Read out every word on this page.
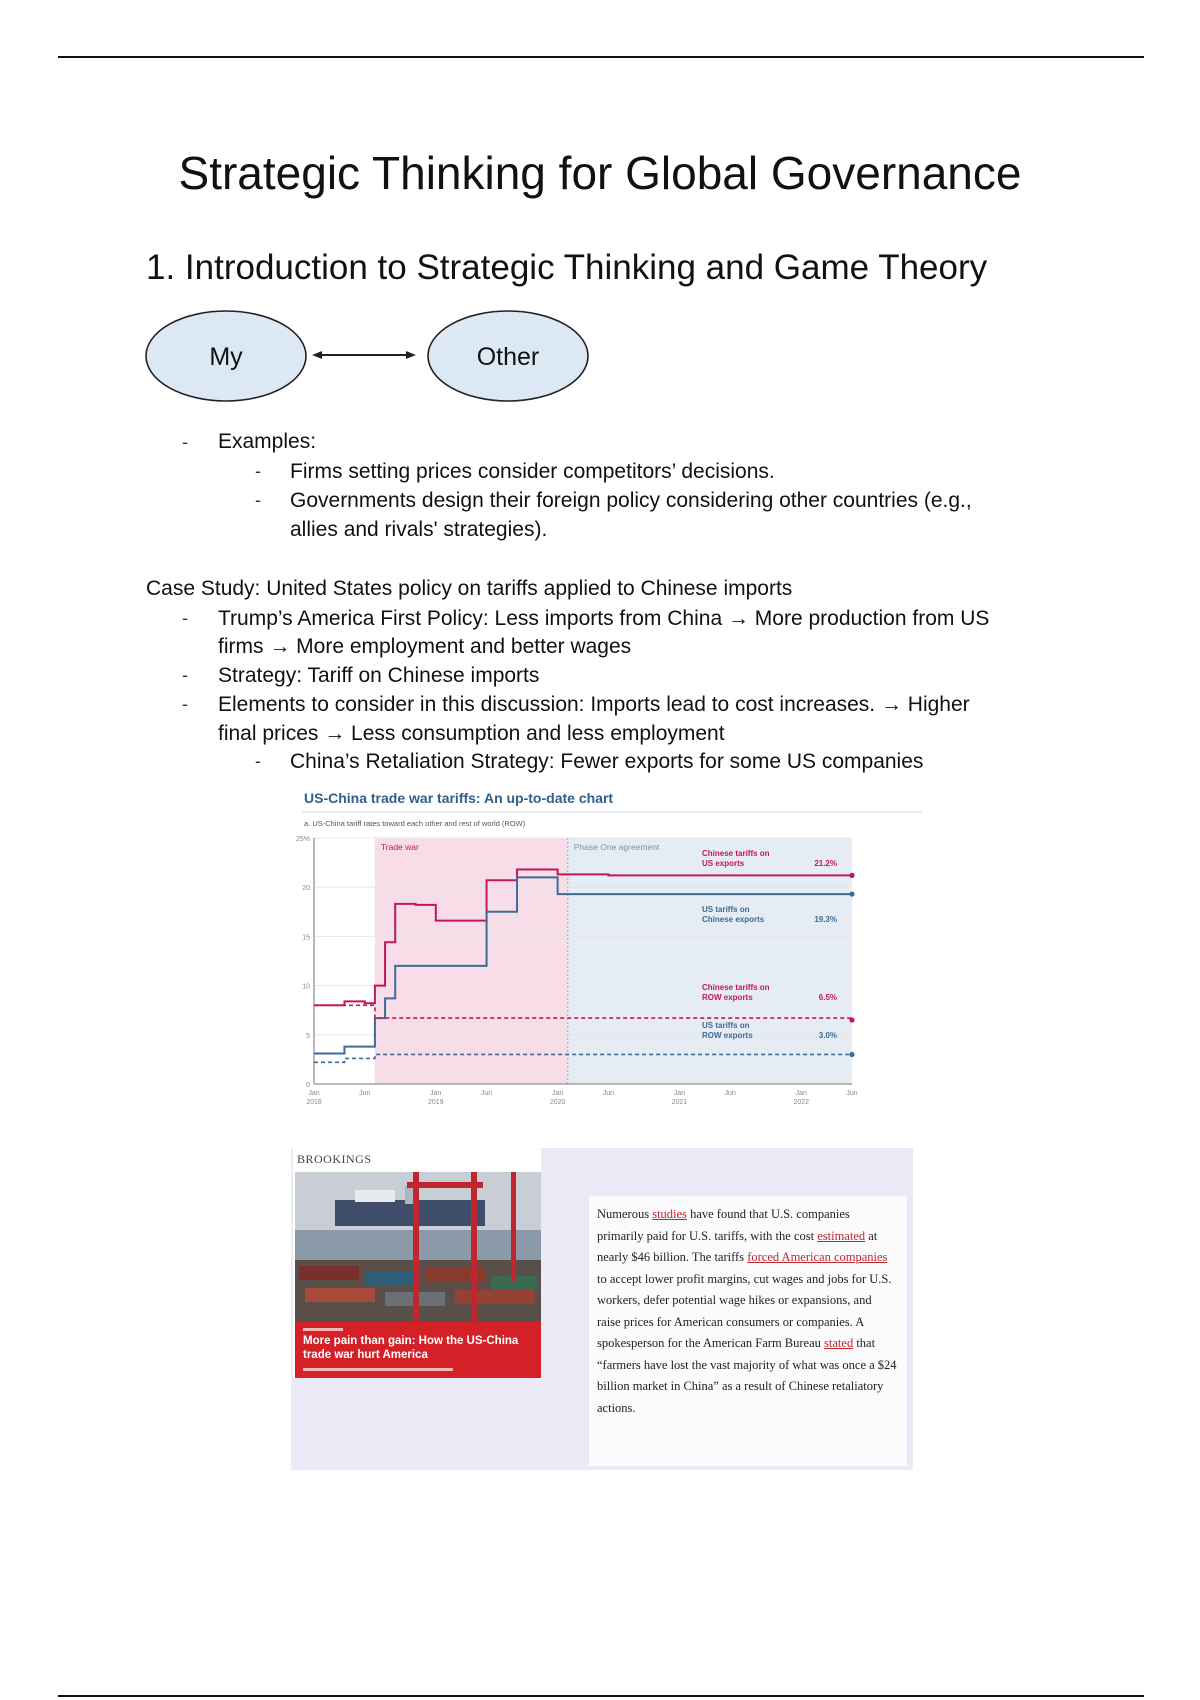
Strategic Thinking for Global Governance
1. Introduction to Strategic Thinking and Game Theory
My	Other
- Examples:
- Firms setting prices consider competitors’ decisions.
- Governments design their foreign policy considering other countries (e.g.,
allies and rivals' strategies).
Case Study: United States policy on tariffs applied to Chinese imports
- Trump’s America First Policy: Less imports from China → More production from US
firms → More employment and better wages
- Strategy: Tariff on Chinese imports
- Elements to consider in this discussion: Imports lead to cost increases. → Higher
final prices → Less consumption and less employment
- China’s Retaliation Strategy: Fewer exports for some US companies
US-China trade war tariffs: An up-to-date chart
a. US-China tariff rates toward each other and rest of world (ROW)
Trade war	Phase One agreement
25%
20
15
10
5
0
Jan
2018
Jun	Jan
2019
Jun	Jan
2020
Jun	Jan
2021
Jun	Jan
2022
Jun
Chinese tariffs on
US exports	21.2%
US tariffs on
Chinese exports	19.3%
Chinese tariffs on
ROW exports	6.5%
US tariffs on
ROW exports	3.0%
BROOKINGS
More pain than gain: How the US-China trade war hurt America
Numerous studies have found that U.S. companies primarily paid for U.S. tariffs, with the cost estimated at nearly $46 billion. The tariffs forced American companies to accept lower profit margins, cut wages and jobs for U.S. workers, defer potential wage hikes or expansions, and raise prices for American consumers or companies. A spokesperson for the American Farm Bureau stated that “farmers have lost the vast majority of what was once a $24 billion market in China” as a result of Chinese retaliatory actions.
